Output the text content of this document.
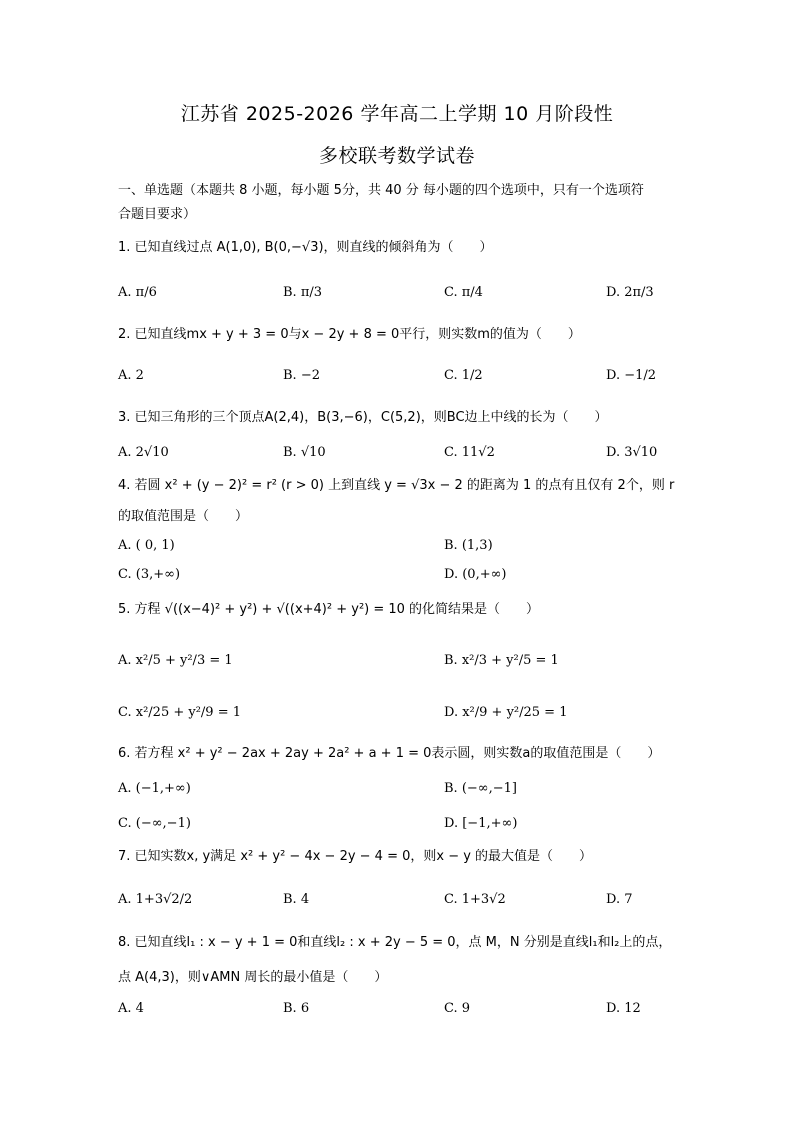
江苏省 2025-2026 学年高二上学期 10 月阶段性
多校联考数学试卷
一、单选题（本题共 8 小题，每小题 5分，共 40 分 每小题的四个选项中，只有一个选项符
合题目要求）
1. 已知直线过点 A(1,0), B(0,−√3)，则直线的倾斜角为（　　）
A. π/6	B. π/3	C. π/4	D. 2π/3
2. 已知直线mx + y + 3 = 0与x − 2y + 8 = 0平行，则实数m的值为（　　）
A. 2	B. −2	C. 1/2	D. −1/2
3. 已知三角形的三个顶点A(2,4)，B(3,−6)，C(5,2)，则BC边上中线的长为（　　）
A. 2√10	B. √10	C. 11√2	D. 3√10
4. 若圆 x² + (y − 2)² = r² (r > 0) 上到直线 y = √3x − 2 的距离为 1 的点有且仅有 2个，则 r
的取值范围是（　　）
A. ( 0, 1)	B. (1,3)
C. (3,+∞)	D. (0,+∞)
5. 方程 √((x−4)² + y²) + √((x+4)² + y²) = 10 的化简结果是（　　）
A. x²/5 + y²/3 = 1	B. x²/3 + y²/5 = 1
C. x²/25 + y²/9 = 1	D. x²/9 + y²/25 = 1
6. 若方程 x² + y² − 2ax + 2ay + 2a² + a + 1 = 0表示圆，则实数a的取值范围是（　　）
A. (−1,+∞)	B. (−∞,−1]
C. (−∞,−1)	D. [−1,+∞)
7. 已知实数x, y满足 x² + y² − 4x − 2y − 4 = 0，则x − y 的最大值是（　　）
A. 1+3√2/2	B. 4	C. 1+3√2	D. 7
8. 已知直线l₁ : x − y + 1 = 0和直线l₂ : x + 2y − 5 = 0，点 M，N 分别是直线l₁和l₂上的点，
点 A(4,3)，则∨AMN 周长的最小值是（　　）
A. 4	B. 6	C. 9	D. 12
